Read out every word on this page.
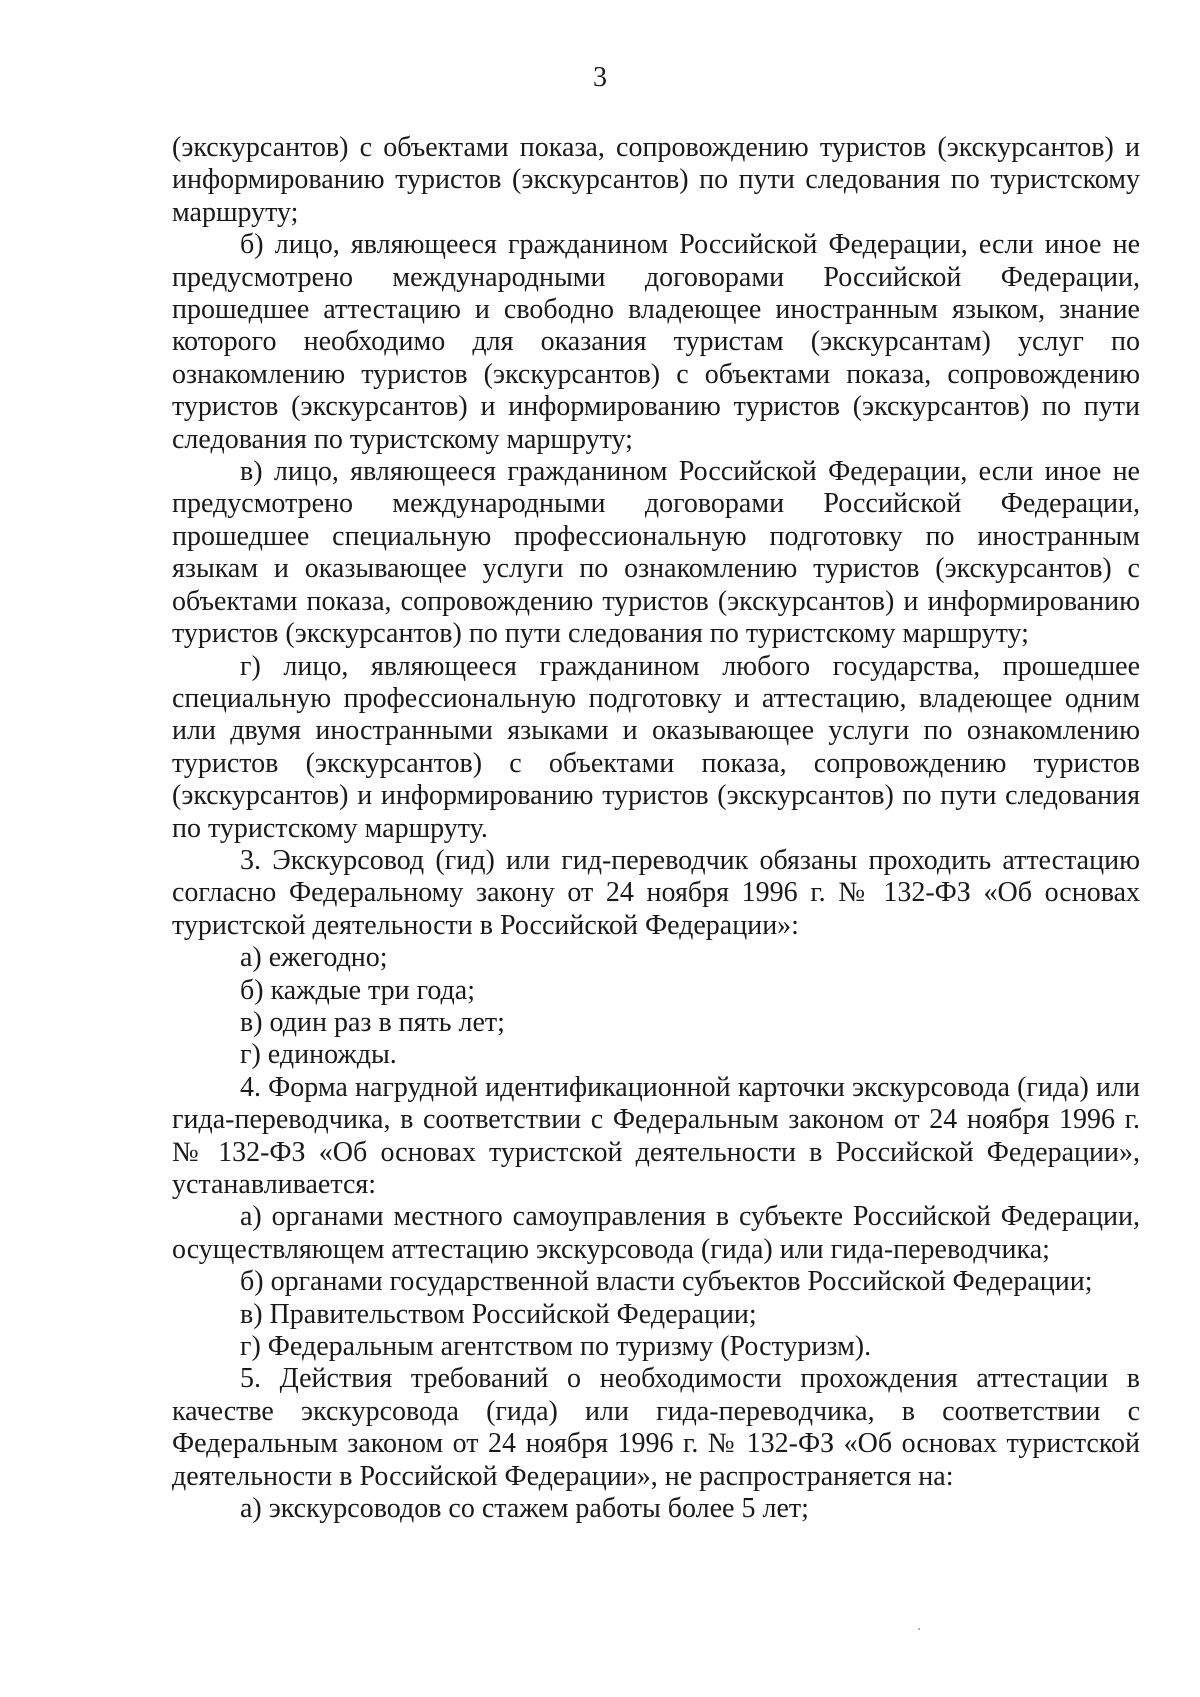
3

(экскурсантов) с объектами показа, сопровождению туристов (экскурсантов) и информированию туристов (экскурсантов) по пути следования по туристскому маршруту;

б) лицо, являющееся гражданином Российской Федерации, если иное не предусмотрено международными договорами Российской Федерации, прошедшее аттестацию и свободно владеющее иностранным языком, знание которого необходимо для оказания туристам (экскурсантам) услуг по ознакомлению туристов (экскурсантов) с объектами показа, сопровождению туристов (экскурсантов) и информированию туристов (экскурсантов) по пути следования по туристскому маршруту;

в) лицо, являющееся гражданином Российской Федерации, если иное не предусмотрено международными договорами Российской Федерации, прошедшее специальную профессиональную подготовку по иностранным языкам и оказывающее услуги по ознакомлению туристов (экскурсантов) с объектами показа, сопровождению туристов (экскурсантов) и информированию туристов (экскурсантов) по пути следования по туристскому маршруту;

г) лицо, являющееся гражданином любого государства, прошедшее специальную профессиональную подготовку и аттестацию, владеющее одним или двумя иностранными языками и оказывающее услуги по ознакомлению туристов (экскурсантов) с объектами показа, сопровождению туристов (экскурсантов) и информированию туристов (экскурсантов) по пути следования по туристскому маршруту.

3. Экскурсовод (гид) или гид-переводчик обязаны проходить аттестацию согласно Федеральному закону от 24 ноября 1996 г. № 132-ФЗ «Об основах туристской деятельности в Российской Федерации»:

а) ежегодно;

б) каждые три года;

в) один раз в пять лет;

г) единожды.

4. Форма нагрудной идентификационной карточки экскурсовода (гида) или гида-переводчика, в соответствии с Федеральным законом от 24 ноября 1996 г. № 132-ФЗ «Об основах туристской деятельности в Российской Федерации», устанавливается:

а) органами местного самоуправления в субъекте Российской Федерации, осуществляющем аттестацию экскурсовода (гида) или гида-переводчика;

б) органами государственной власти субъектов Российской Федерации;

в) Правительством Российской Федерации;

г) Федеральным агентством по туризму (Ростуризм).

5. Действия требований о необходимости прохождения аттестации в качестве экскурсовода (гида) или гида-переводчика, в соответствии с Федеральным законом от 24 ноября 1996 г. № 132-ФЗ «Об основах туристской деятельности в Российской Федерации», не распространяется на:

а) экскурсоводов со стажем работы более 5 лет;
